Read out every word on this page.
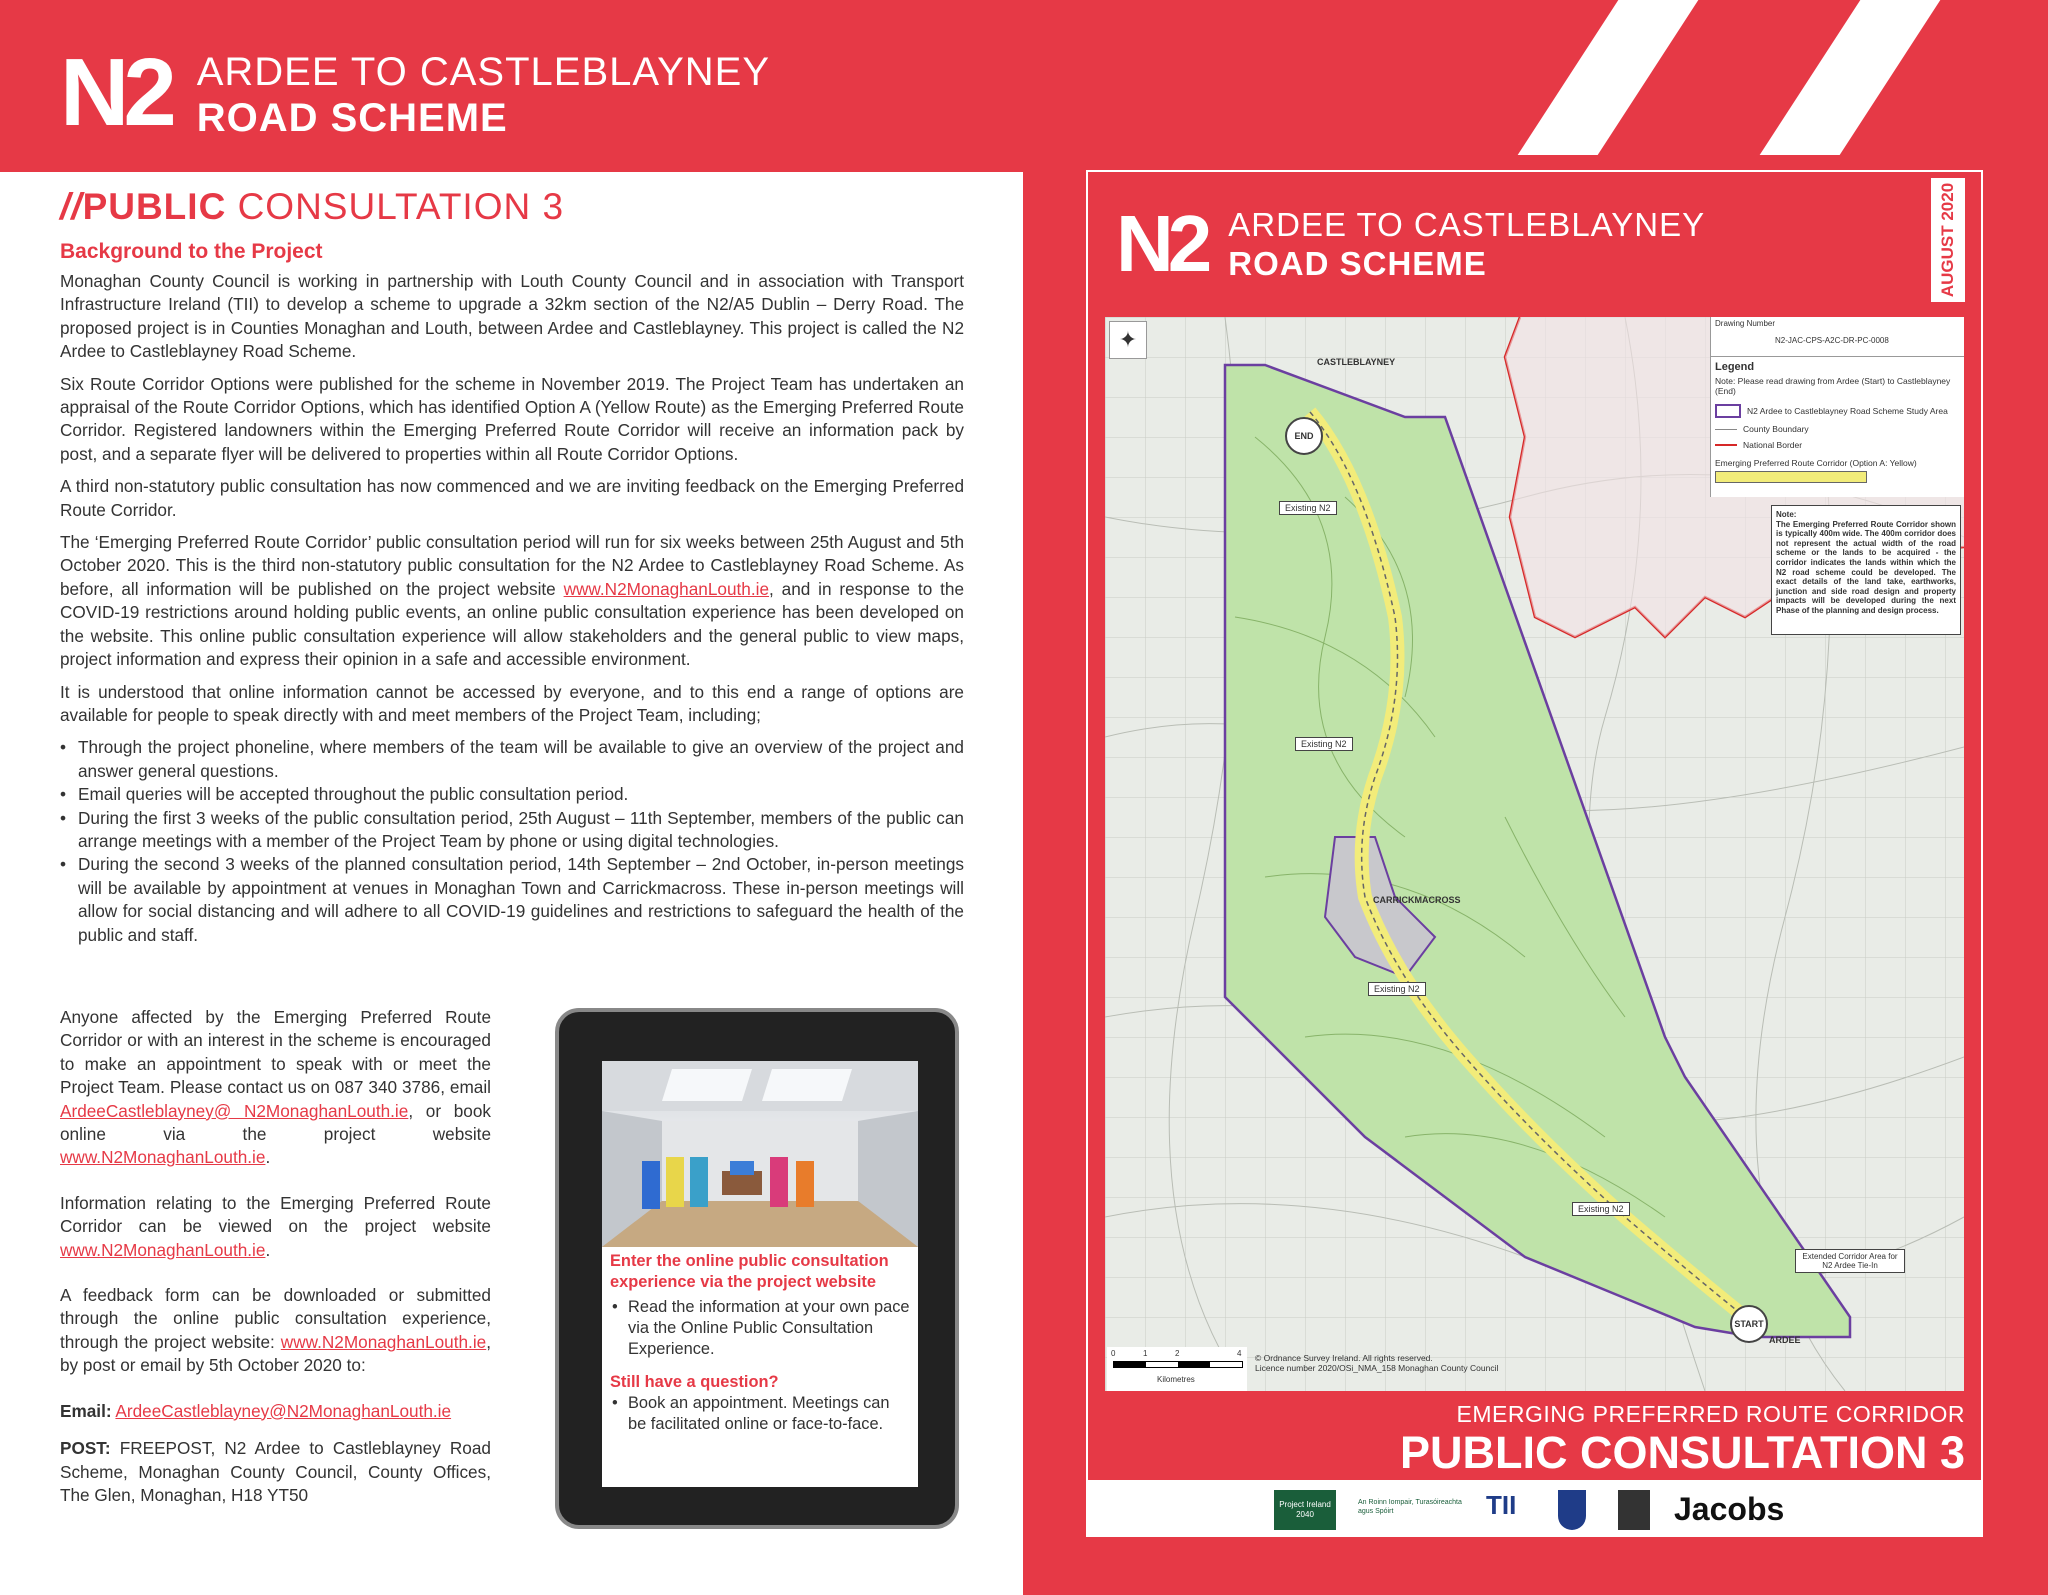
N2 ARDEE TO CASTLEBLAYNEY
ROAD SCHEME
//PUBLIC CONSULTATION 3
Background to the Project

Monaghan County Council is working in partnership with Louth County Council and in association with Transport Infrastructure Ireland (TII) to develop a scheme to upgrade a 32km section of the N2/A5 Dublin – Derry Road. The proposed project is in Counties Monaghan and Louth, between Ardee and Castleblayney. This project is called the N2 Ardee to Castleblayney Road Scheme.

Six Route Corridor Options were published for the scheme in November 2019. The Project Team has undertaken an appraisal of the Route Corridor Options, which has identified Option A (Yellow Route) as the Emerging Preferred Route Corridor. Registered landowners within the Emerging Preferred Route Corridor will receive an information pack by post, and a separate flyer will be delivered to properties within all Route Corridor Options.

A third non-statutory public consultation has now commenced and we are inviting feedback on the Emerging Preferred Route Corridor.

The ‘Emerging Preferred Route Corridor’ public consultation period will run for six weeks between 25th August and 5th October 2020. This is the third non-statutory public consultation for the N2 Ardee to Castleblayney Road Scheme. As before, all information will be published on the project website www.N2MonaghanLouth.ie, and in response to the COVID-19 restrictions around holding public events, an online public consultation experience has been developed on the website. This online public consultation experience will allow stakeholders and the general public to view maps, project information and express their opinion in a safe and accessible environment.

It is understood that online information cannot be accessed by everyone, and to this end a range of options are available for people to speak directly with and meet members of the Project Team, including;

• Through the project phoneline, where members of the team will be available to give an overview of the project and answer general questions.
• Email queries will be accepted throughout the public consultation period.
• During the first 3 weeks of the public consultation period, 25th August – 11th September, members of the public can arrange meetings with a member of the Project Team by phone or using digital technologies.
• During the second 3 weeks of the planned consultation period, 14th September – 2nd October, in-person meetings will be available by appointment at venues in Monaghan Town and Carrickmacross. These in-person meetings will allow for social distancing and will adhere to all COVID-19 guidelines and restrictions to safeguard the health of the public and staff.

Anyone affected by the Emerging Preferred Route Corridor or with an interest in the scheme is encouraged to make an appointment to speak with or meet the Project Team. Please contact us on 087 340 3786, email ArdeeCastleblayney@ N2MonaghanLouth.ie, or book online via the project website www.N2MonaghanLouth.ie.

Information relating to the Emerging Preferred Route Corridor can be viewed on the project website www.N2MonaghanLouth.ie.

A feedback form can be downloaded or submitted through the online public consultation experience, through the project website: www.N2MonaghanLouth.ie, by post or email by 5th October 2020 to:

Email: ArdeeCastleblayney@N2MonaghanLouth.ie

POST: FREEPOST, N2 Ardee to Castleblayney Road Scheme, Monaghan County Council, County Offices, The Glen, Monaghan, H18 YT50

Enter the online public consultation experience via the project website
• Read the information at your own pace via the Online Public Consultation Experience.
Still have a question?
• Book an appointment. Meetings can be facilitated online or face-to-face.
N2 ARDEE TO CASTLEBLAYNEY
ROAD SCHEME	AUGUST 2020
✦
Drawing Number
N2-JAC-CPS-A2C-DR-PC-0008
Legend
Note: Please read drawing from Ardee (Start) to Castleblayney (End)
N2 Ardee to Castleblayney Road Scheme Study Area
County Boundary
National Border
Emerging Preferred Route Corridor (Option A: Yellow)
Note:
The Emerging Preferred Route Corridor shown is typically 400m wide. The 400m corridor does not represent the actual width of the road scheme or the lands to be acquired - the corridor indicates the lands within which the N2 road scheme could be developed. The exact details of the land take, earthworks, junction and side road design and property impacts will be developed during the next Phase of the planning and design process.
CASTLEBLAYNEY
END
Existing N2
Existing N2
CARRICKMACROSS
Existing N2
Existing N2
Extended Corridor Area for N2 Ardee Tie-In
START
ARDEE
0	1	2	4
Kilometres
© Ordnance Survey Ireland. All rights reserved.
Licence number 2020/OSi_NMA_158 Monaghan County Council
EMERGING PREFERRED ROUTE CORRIDOR
PUBLIC CONSULTATION 3
Project Ireland 2040
An Roinn Iompair, Turasóireachta agus Spóirt	TII	Jacobs
